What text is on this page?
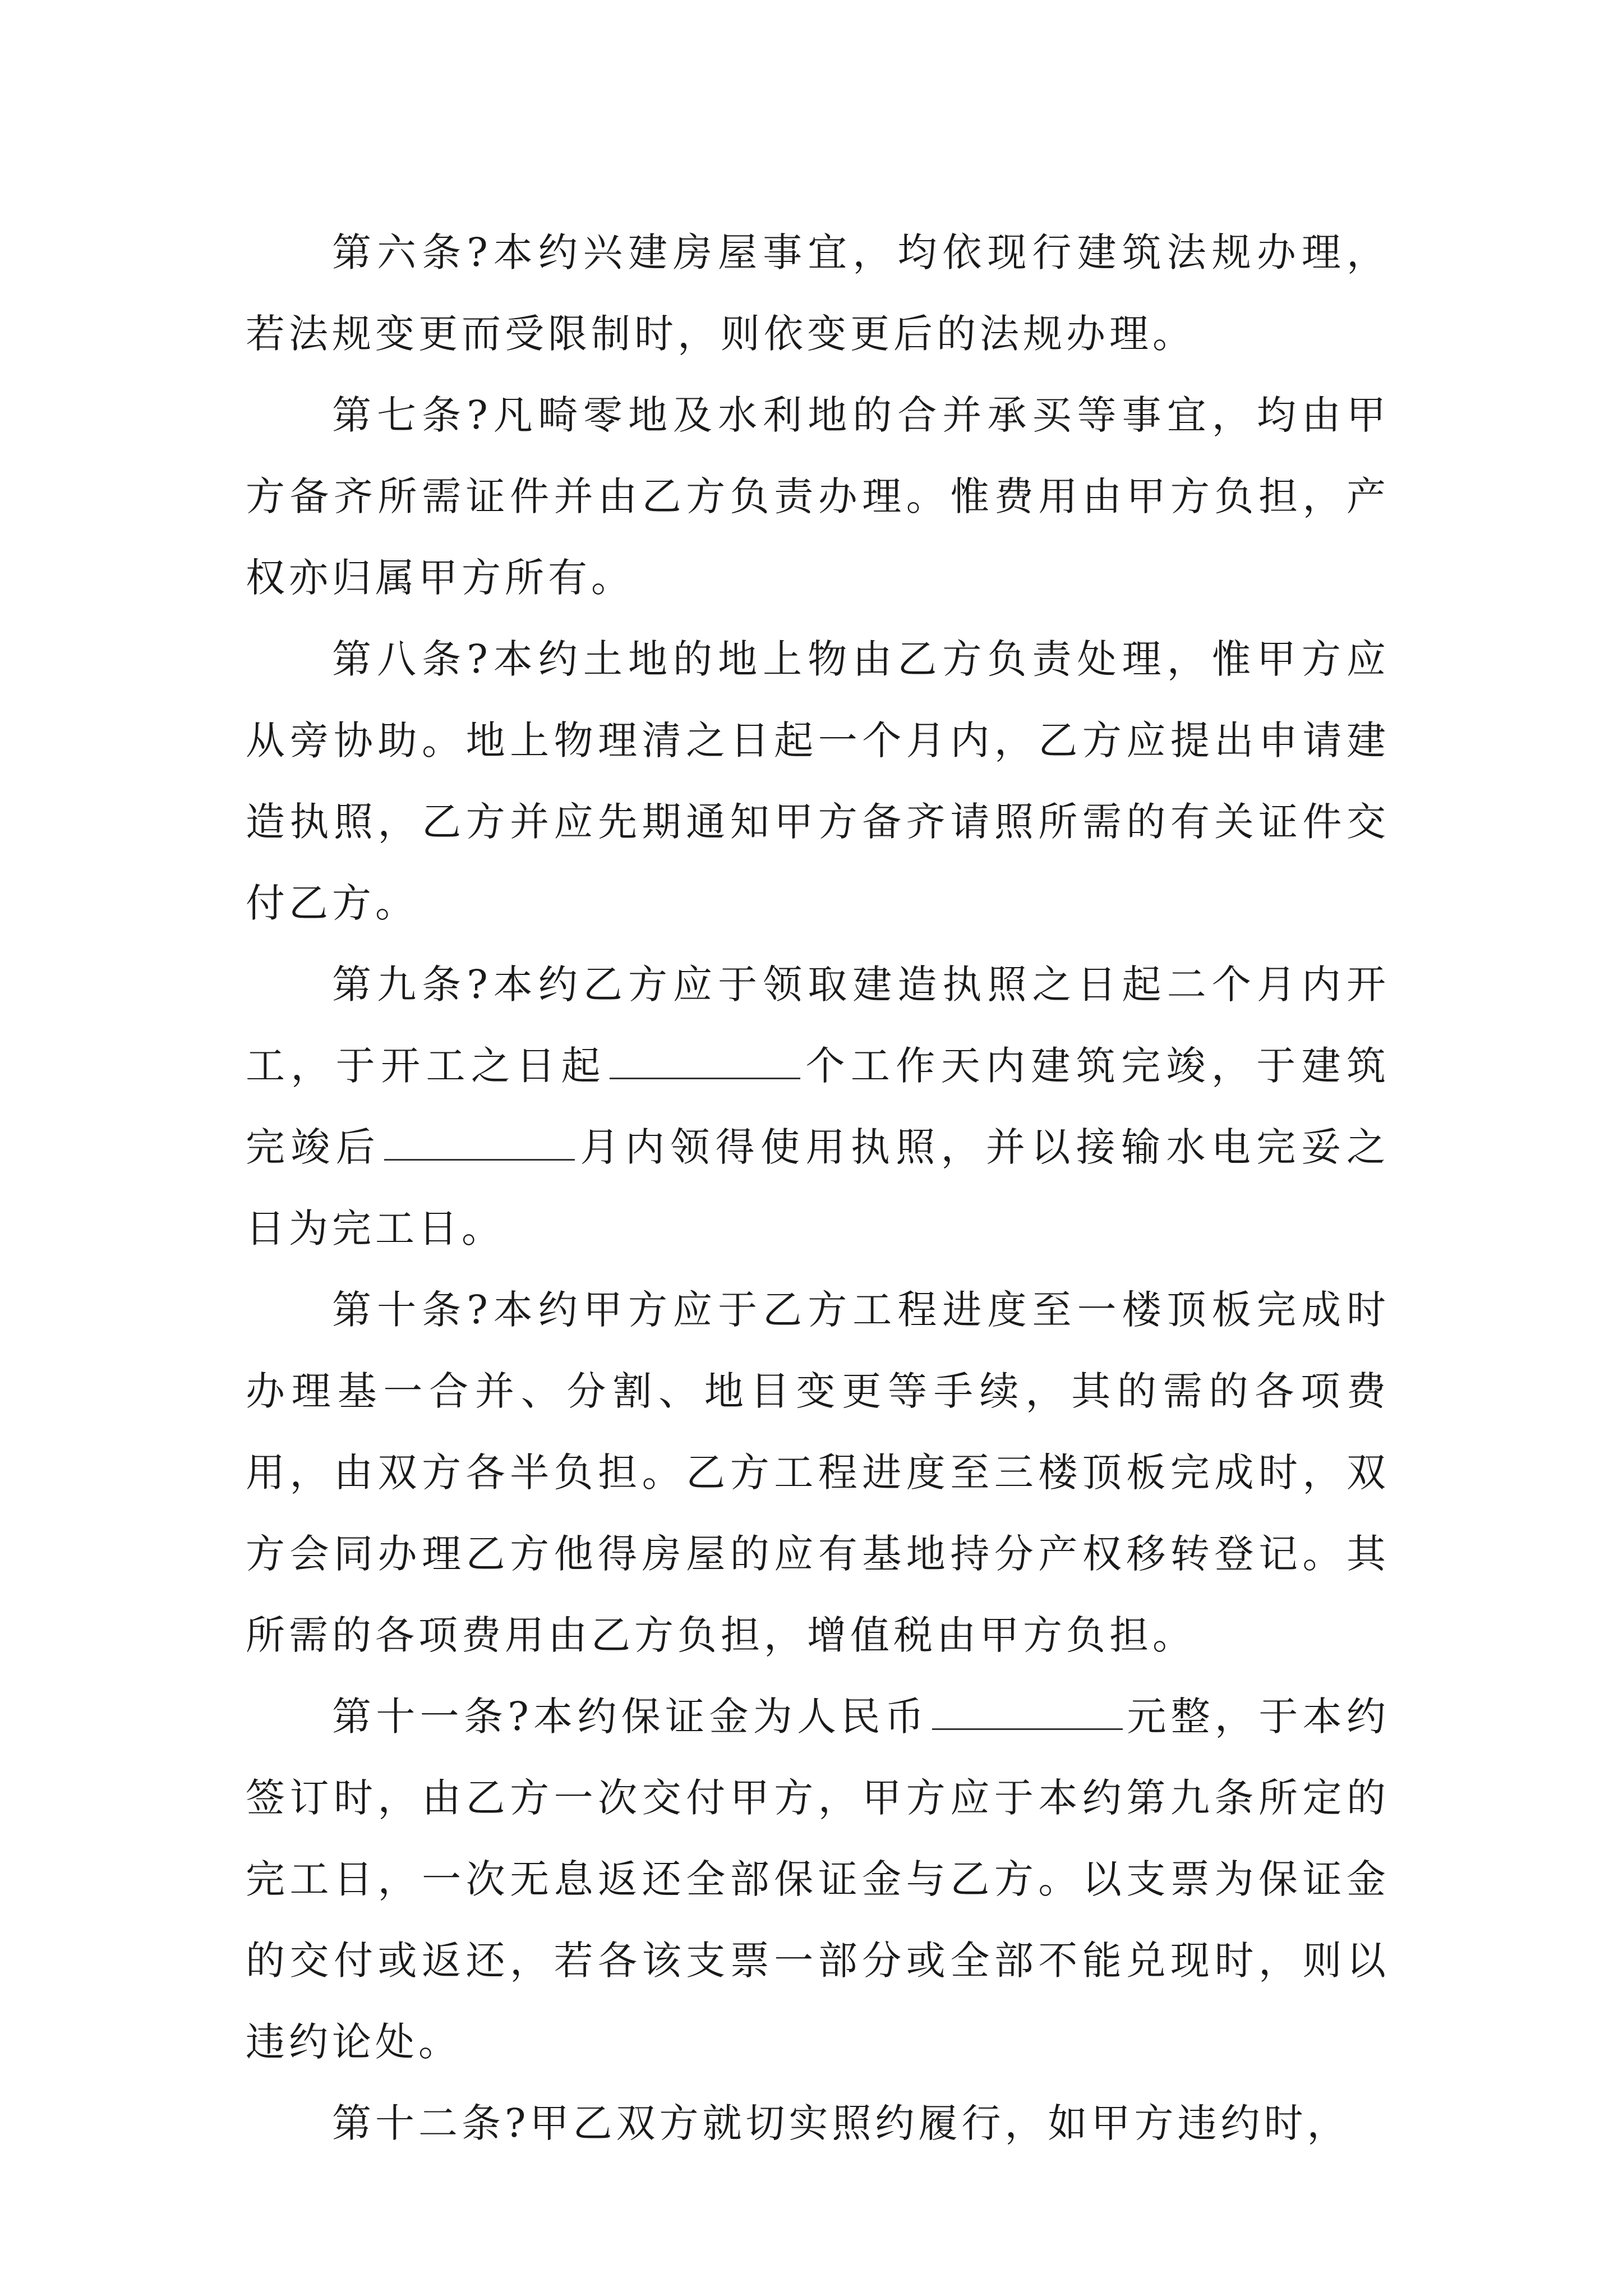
第六条?本约兴建房屋事宜，均依现行建筑法规办理，若法规变更而受限制时，则依变更后的法规办理。

第七条?凡畸零地及水利地的合并承买等事宜，均由甲方备齐所需证件并由乙方负责办理。惟费用由甲方负担，产权亦归属甲方所有。

第八条?本约土地的地上物由乙方负责处理，惟甲方应从旁协助。地上物理清之日起一个月内，乙方应提出申请建造执照，乙方并应先期通知甲方备齐请照所需的有关证件交付乙方。

第九条?本约乙方应于领取建造执照之日起二个月内开工，于开工之日起	个工作天内建筑完竣，于建筑完竣后	月内领得使用执照，并以接输水电完妥之日为完工日。

第十条?本约甲方应于乙方工程进度至一楼顶板完成时办理基一合并、分割、地目变更等手续，其的需的各项费用，由双方各半负担。乙方工程进度至三楼顶板完成时，双方会同办理乙方他得房屋的应有基地持分产权移转登记。其所需的各项费用由乙方负担，增值税由甲方负担。

第十一条?本约保证金为人民币	元整，于本约签订时，由乙方一次交付甲方，甲方应于本约第九条所定的完工日，一次无息返还全部保证金与乙方。以支票为保证金的交付或返还，若各该支票一部分或全部不能兑现时，则以违约论处。

第十二条?甲乙双方就切实照约履行，如甲方违约时，
